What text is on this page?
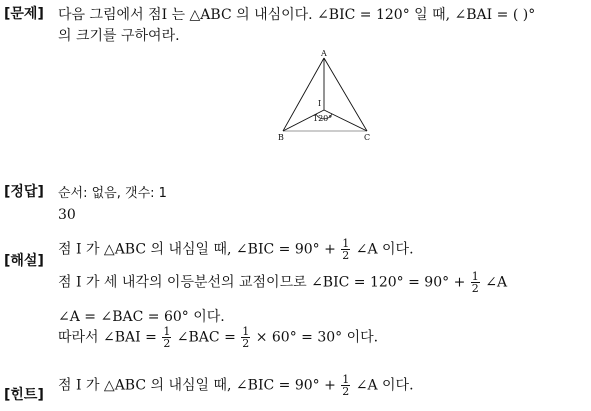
[문제] 다음 그림에서 점I 는 △ABC 의 내심이다. ∠BIC = 120° 일 때, ∠BAI = ( )°
의 크기를 구하여라.
A
B	C
I
120°
[정답] 순서: 없음, 갯수: 1
30
[해설]
점 I 가 △ABC 의 내심일 때, ∠BIC = $90^\circ + \frac{1}{2}$ ∠A 이다.
점 I 가 세 내각의 이등분선의 교점이므로 ∠BIC = $120^\circ = 90^\circ + \frac{1}{2}$ ∠A
∠A = ∠BAC = 60° 이다.
따라서 ∠BAI = $\frac{1}{2}$ ∠BAC = $\frac{1}{2} \times 60^\circ = 30^\circ$ 이다.
[힌트]
점 I 가 △ABC 의 내심일 때, ∠BIC = $90^\circ + \frac{1}{2}$ ∠A 이다.
